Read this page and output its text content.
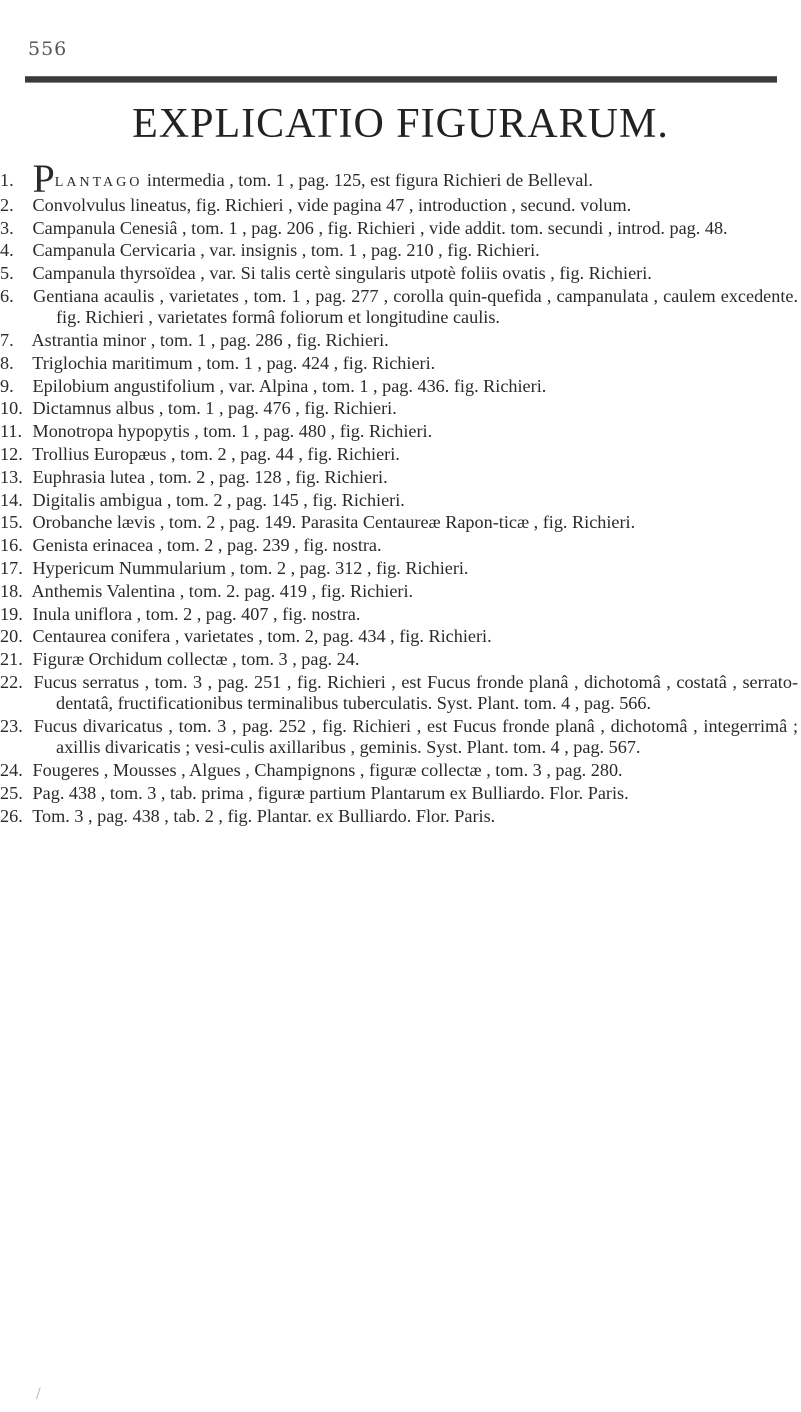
556
EXPLICATIO FIGURARUM.

1. PLANTAGO intermedia , tom. 1 , pag. 125, est figura Richieri de Belleval.

2. Convolvulus lineatus, fig. Richieri , vide pagina 47 , introduction , secund. volum.

3. Campanula Cenesiâ , tom. 1 , pag. 206 , fig. Richieri , vide addit. tom. secundi , introd. pag. 48.

4. Campanula Cervicaria , var. insignis , tom. 1 , pag. 210 , fig. Richieri.

5. Campanula thyrsoïdea , var. Si talis certè singularis utpotè foliis ovatis , fig. Richieri.

6. Gentiana acaulis , varietates , tom. 1 , pag. 277 , corolla quin-quefida , campanulata , caulem excedente. fig. Richieri , varietates formâ foliorum et longitudine caulis.

7. Astrantia minor , tom. 1 , pag. 286 , fig. Richieri.

8. Triglochia maritimum , tom. 1 , pag. 424 , fig. Richieri.

9. Epilobium angustifolium , var. Alpina , tom. 1 , pag. 436. fig. Richieri.

10. Dictamnus albus , tom. 1 , pag. 476 , fig. Richieri.

11. Monotropa hypopytis , tom. 1 , pag. 480 , fig. Richieri.

12. Trollius Europæus , tom. 2 , pag. 44 , fig. Richieri.

13. Euphrasia lutea , tom. 2 , pag. 128 , fig. Richieri.

14. Digitalis ambigua , tom. 2 , pag. 145 , fig. Richieri.

15. Orobanche lævis , tom. 2 , pag. 149. Parasita Centaureæ Rapon-ticæ , fig. Richieri.

16. Genista erinacea , tom. 2 , pag. 239 , fig. nostra.

17. Hypericum Nummularium , tom. 2 , pag. 312 , fig. Richieri.

18. Anthemis Valentina , tom. 2. pag. 419 , fig. Richieri.

19. Inula uniflora , tom. 2 , pag. 407 , fig. nostra.

20. Centaurea conifera , varietates , tom. 2, pag. 434 , fig. Richieri.

21. Figuræ Orchidum collectæ , tom. 3 , pag. 24.

22. Fucus serratus , tom. 3 , pag. 251 , fig. Richieri , est Fucus fronde planâ , dichotomâ , costatâ , serrato-dentatâ, fructificationibus terminalibus tuberculatis. Syst. Plant. tom. 4 , pag. 566.

23. Fucus divaricatus , tom. 3 , pag. 252 , fig. Richieri , est Fucus fronde planâ , dichotomâ , integerrimâ ; axillis divaricatis ; vesi-culis axillaribus , geminis. Syst. Plant. tom. 4 , pag. 567.

24. Fougeres , Mousses , Algues , Champignons , figuræ collectæ , tom. 3 , pag. 280.

25. Pag. 438 , tom. 3 , tab. prima , figuræ partium Plantarum ex Bulliardo. Flor. Paris.

26. Tom. 3 , pag. 438 , tab. 2 , fig. Plantar. ex Bulliardo. Flor. Paris.

/
